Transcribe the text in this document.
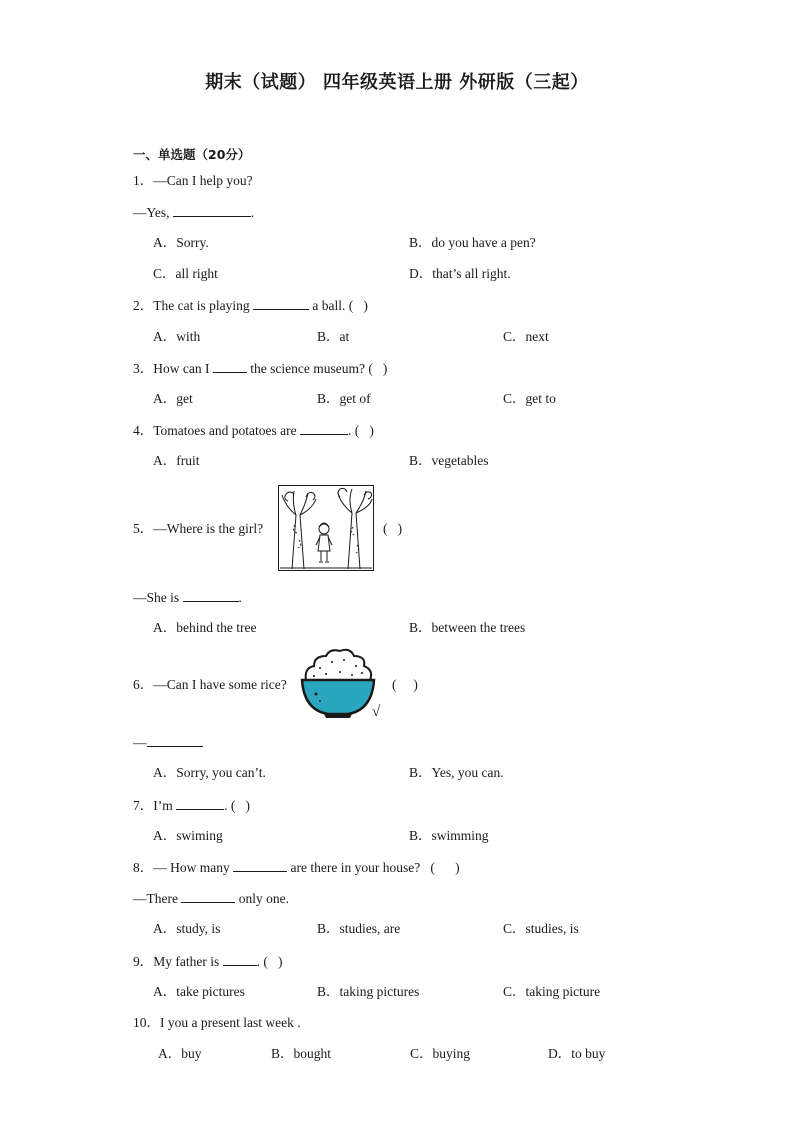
期末（试题） 四年级英语上册 外研版（三起）
一、单选题（20分）
1．—Can I help you?
—Yes,	.
A．Sorry.	B．do you have a pen?
C．all right	D．that’s all right.
2．The cat is playing	a ball. (   )
A．with	B．at	C．next
3．How can I	the science museum? (   )
A．get	B．get of	C．get to
4．Tomatoes and potatoes are	. (   )
A．fruit	B．vegetables
5．—Where is the girl?	(   )
—She is	.
A．behind the tree	B．between the trees
6．—Can I have some rice?	(     )
√
—
A．Sorry, you can’t.	B．Yes, you can.
7．I’m	. (   )
A．swiming	B．swimming
8．— How many	are there in your house?   (      )
—There	only one.
A．study, is	B．studies, are	C．studies, is
9．My father is	. (   )
A．take pictures	B．taking pictures	C．taking picture
10．I you a present last week .
A．buy	B．bought	C．buying	D．to buy
